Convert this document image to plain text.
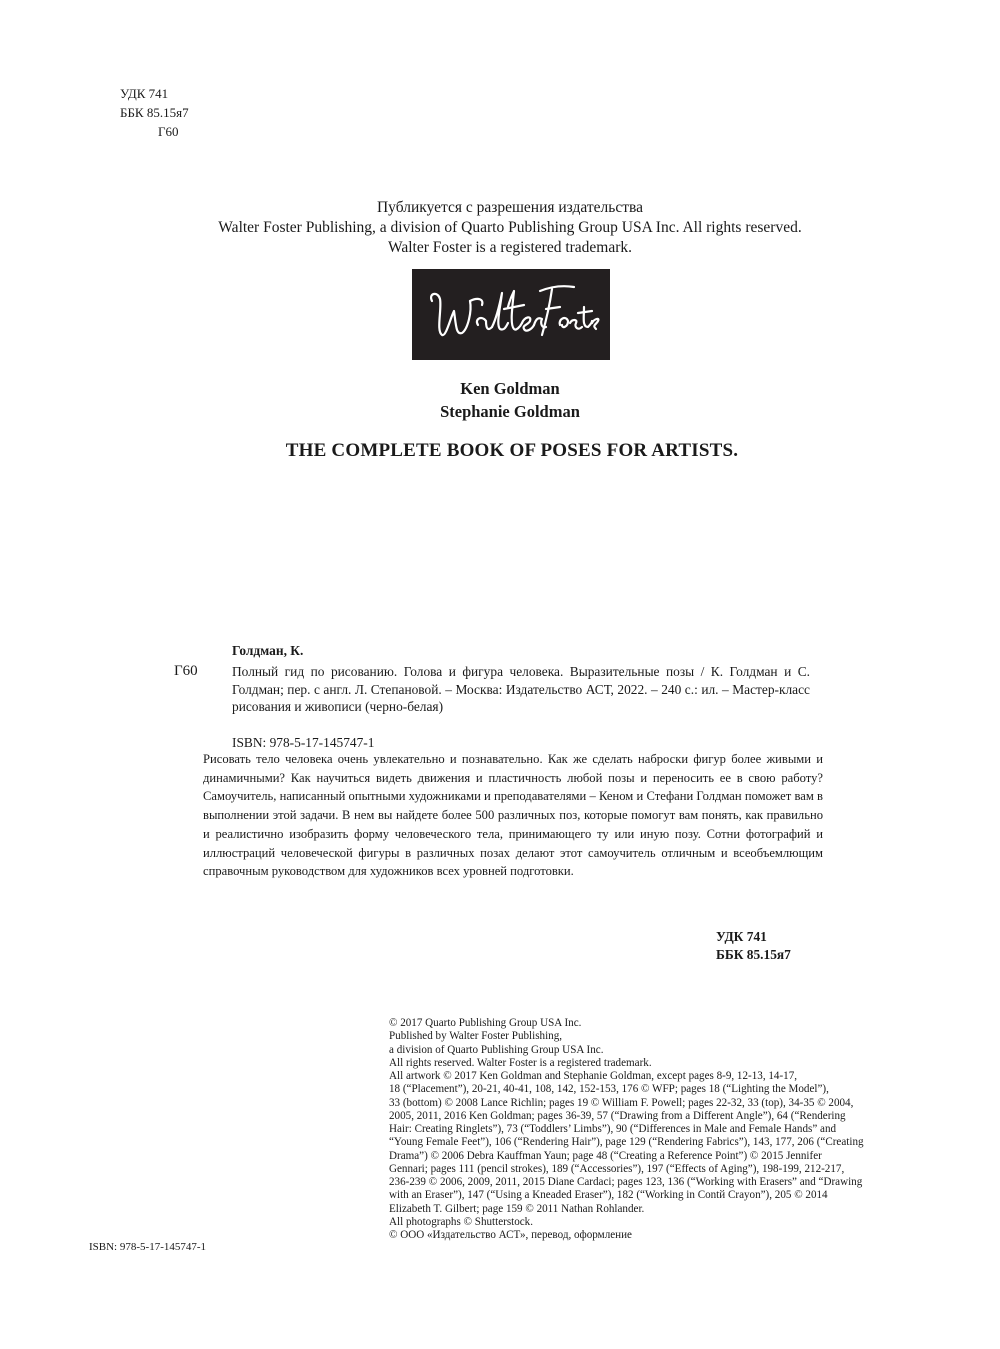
УДК 741
ББК 85.15я7
Г60
Публикуется с разрешения издательства
Walter Foster Publishing, a division of Quarto Publishing Group USA Inc. All rights reserved.
Walter Foster is a registered trademark.
Ken Goldman
Stephanie Goldman
THE COMPLETE BOOK OF POSES FOR ARTISTS.
Голдман, К.
Г60	Полный гид по рисованию. Голова и фигура человека. Выразительные позы / К. Голдман и С. Голдман; пер. с англ. Л. Степановой. – Москва: Издательство АСТ, 2022. – 240 с.: ил. – Мастер-класс рисования и живописи (черно-белая)
ISBN: 978-5-17-145747-1
Рисовать тело человека очень увлекательно и познавательно. Как же сделать наброски фигур более живыми и динамичными? Как научиться видеть движения и пластичность любой позы и переносить ее в свою работу? Самоучитель, написанный опытными художниками и преподавателями – Кеном и Стефани Голдман поможет вам в выполнении этой задачи. В нем вы найдете более 500 различных поз, которые помогут вам понять, как правильно и реалистично изобразить форму человеческого тела, принимающего ту или иную позу. Сотни фотографий и иллюстраций человеческой фигуры в различных позах делают этот самоучитель отличным и всеобъемлющим справочным руководством для художников всех уровней подготовки.
УДК 741
ББК 85.15я7
© 2017 Quarto Publishing Group USA Inc.
Published by Walter Foster Publishing,
a division of Quarto Publishing Group USA Inc.
All rights reserved. Walter Foster is a registered trademark.
All artwork © 2017 Ken Goldman and Stephanie Goldman, except pages 8-9, 12-13, 14-17,
18 (“Placement”), 20-21, 40-41, 108, 142, 152-153, 176 © WFP; pages 18 (“Lighting the Model”),
33 (bottom) © 2008 Lance Richlin; pages 19 © William F. Powell; pages 22-32, 33 (top), 34-35 © 2004,
2005, 2011, 2016 Ken Goldman; pages 36-39, 57 (“Drawing from a Different Angle”), 64 (“Rendering
Hair: Creating Ringlets”), 73 (“Toddlers’ Limbs”), 90 (“Differences in Male and Female Hands” and
“Young Female Feet”), 106 (“Rendering Hair”), page 129 (“Rendering Fabrics”), 143, 177, 206 (“Creating
Drama”) © 2006 Debra Kauffman Yaun; page 48 (“Creating a Reference Point”) © 2015 Jennifer
Gennari; pages 111 (pencil strokes), 189 (“Accessories”), 197 (“Effects of Aging”), 198-199, 212-217,
236-239 © 2006, 2009, 2011, 2015 Diane Cardaci; pages 123, 136 (“Working with Erasers” and “Drawing
with an Eraser”), 147 (“Using a Kneaded Eraser”), 182 (“Working in Contй Crayon”), 205 © 2014
Elizabeth T. Gilbert; page 159 © 2011 Nathan Rohlander.
All photographs © Shutterstock.
© ООО «Издательство АСТ», перевод, оформление
ISBN: 978-5-17-145747-1
